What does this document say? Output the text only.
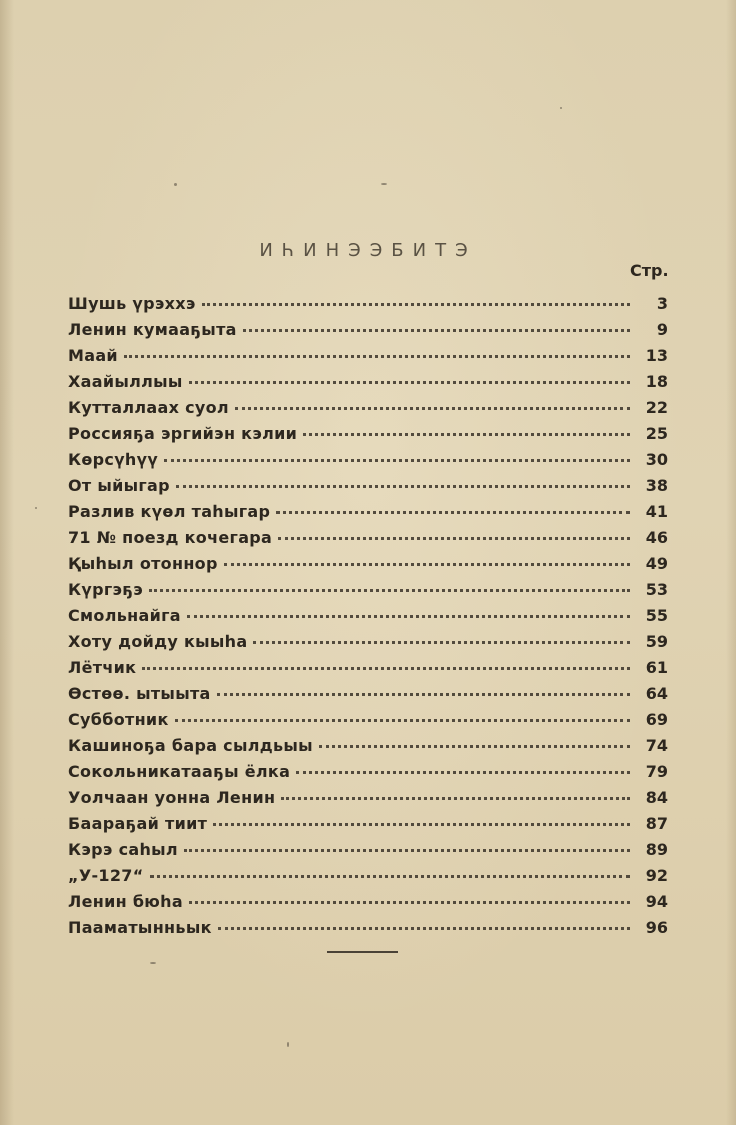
ИҺИНЭЭБИТЭ
Стр.
Шушь үрэххэ	3
Ленин кумааҕыта	9
Маай	13
Хаайыллыы	18
Кутталлаах суол	22
Россияҕа эргийэн кэлии	25
Көрсүһүү	30
От ыйыгар	38
Разлив күөл таһыгар	41
71 № поезд кочегара	46
Қыһыл отоннор	49
Күргэҕэ	53
Смольнайга	55
Хоту дойду кыыһа	59
Лётчик	61
Өстөө. ытыыта	64
Субботник	69
Кашиноҕа бара сылдьыы	74
Сокольникатааҕы ёлка	79
Уолчаан уонна Ленин	84
Баараҕай тиит	87
Кэрэ саһыл	89
„У-127“	92
Ленин бюһа	94
Пааматынньык	96
